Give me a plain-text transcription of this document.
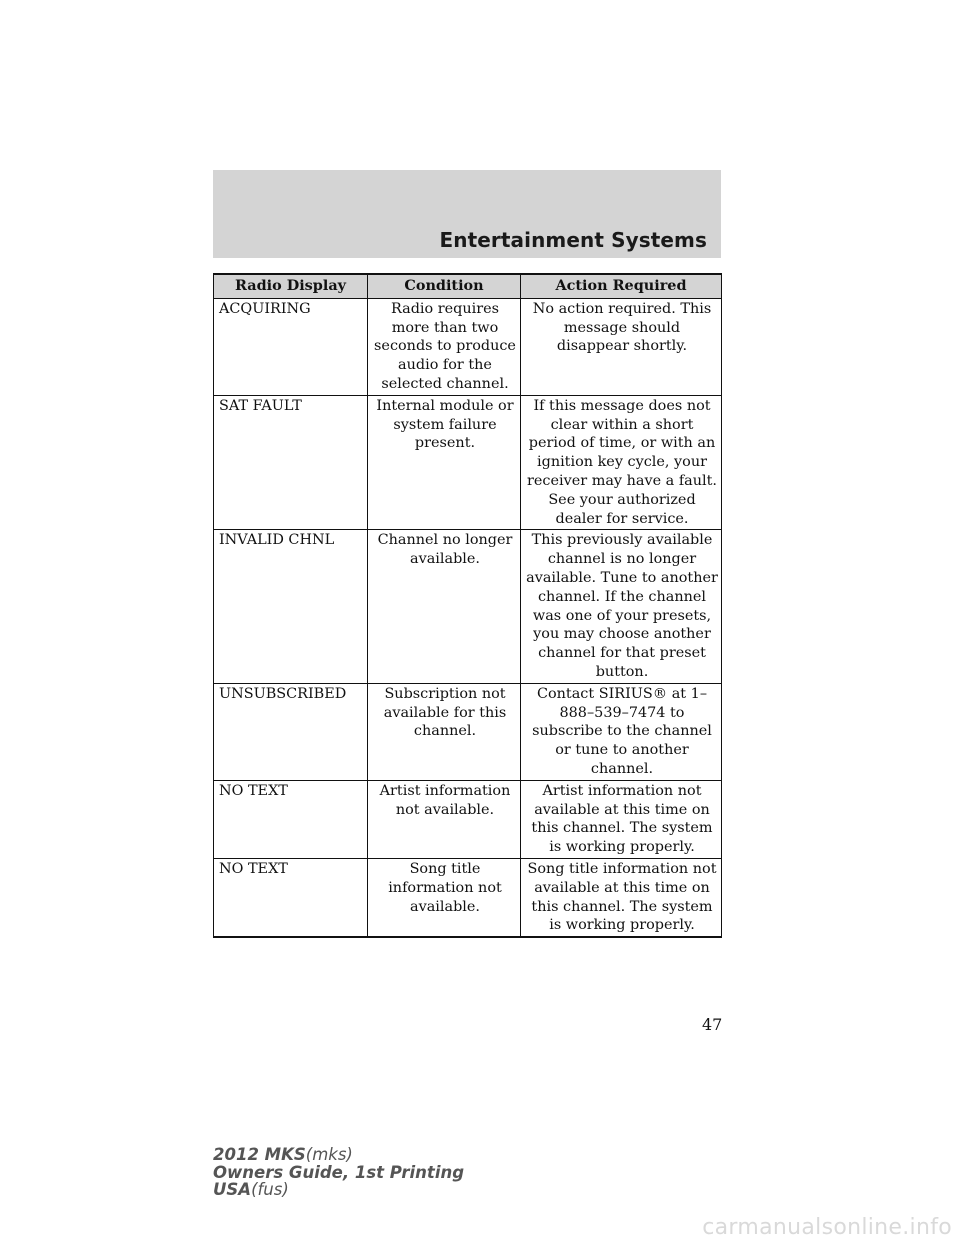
Entertainment Systems
Radio Display	Condition	Action Required
ACQUIRING	Radio requires more than two seconds to produce audio for the selected channel.	No action required. This message should disappear shortly.
SAT FAULT	Internal module or system failure present.	If this message does not clear within a short period of time, or with an ignition key cycle, your receiver may have a fault. See your authorized dealer for service.
INVALID CHNL	Channel no longer available.	This previously available channel is no longer available. Tune to another channel. If the channel was one of your presets, you may choose another channel for that preset button.
UNSUBSCRIBED	Subscription not available for this channel.	Contact SIRIUS® at 1–888–539–7474 to subscribe to the channel or tune to another channel.
NO TEXT	Artist information not available.	Artist information not available at this time on this channel. The system is working properly.
NO TEXT	Song title information not available.	Song title information not available at this time on this channel. The system is working properly.
47
2012 MKS(mks)
Owners Guide, 1st Printing
USA(fus)
carmanualsonline.info
